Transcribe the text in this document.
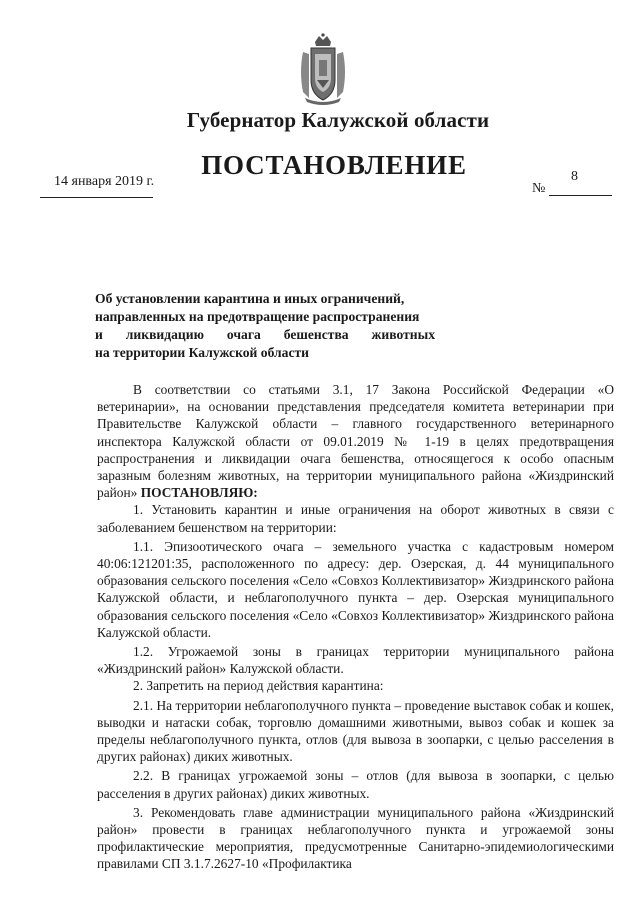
Губернатор Калужской области
ПОСТАНОВЛЕНИЕ
14 января 2019 г.	№
8
Об установлении карантина и иных ограничений,
направленных на предотвращение распространения
и ликвидацию очага бешенства животных
на территории Калужской области

В соответствии со статьями 3.1, 17 Закона Российской Федерации «О ветеринарии», на основании представления председателя комитета ветеринарии при Правительстве Калужской области – главного государственного ветеринарного инспектора Калужской области от 09.01.2019 № 1-19 в целях предотвращения распространения и ликвидации очага бешенства, относящегося к особо опасным заразным болезням животных, на территории муниципального района «Жиздринский район» ПОСТАНОВЛЯЮ:

1. Установить карантин и иные ограничения на оборот животных в связи с заболеванием бешенством на территории:

1.1. Эпизоотического очага – земельного участка с кадастровым номером 40:06:121201:35, расположенного по адресу: дер. Озерская, д. 44 муниципального образования сельского поселения «Село «Совхоз Коллективизатор» Жиздринского района Калужской области, и неблагополучного пункта – дер. Озерская муниципального образования сельского поселения «Село «Совхоз Коллективизатор» Жиздринского района Калужской области.

1.2. Угрожаемой зоны в границах территории муниципального района «Жиздринский район» Калужской области.

2. Запретить на период действия карантина:

2.1. На территории неблагополучного пункта – проведение выставок собак и кошек, выводки и натаски собак, торговлю домашними животными, вывоз собак и кошек за пределы неблагополучного пункта, отлов (для вывоза в зоопарки, с целью расселения в других районах) диких животных.

2.2. В границах угрожаемой зоны – отлов (для вывоза в зоопарки, с целью расселения в других районах) диких животных.

3. Рекомендовать главе администрации муниципального района «Жиздринский район» провести в границах неблагополучного пункта и угрожаемой зоны профилактические мероприятия, предусмотренные Санитарно-эпидемиологическими правилами СП 3.1.7.2627-10 «Профилактика
